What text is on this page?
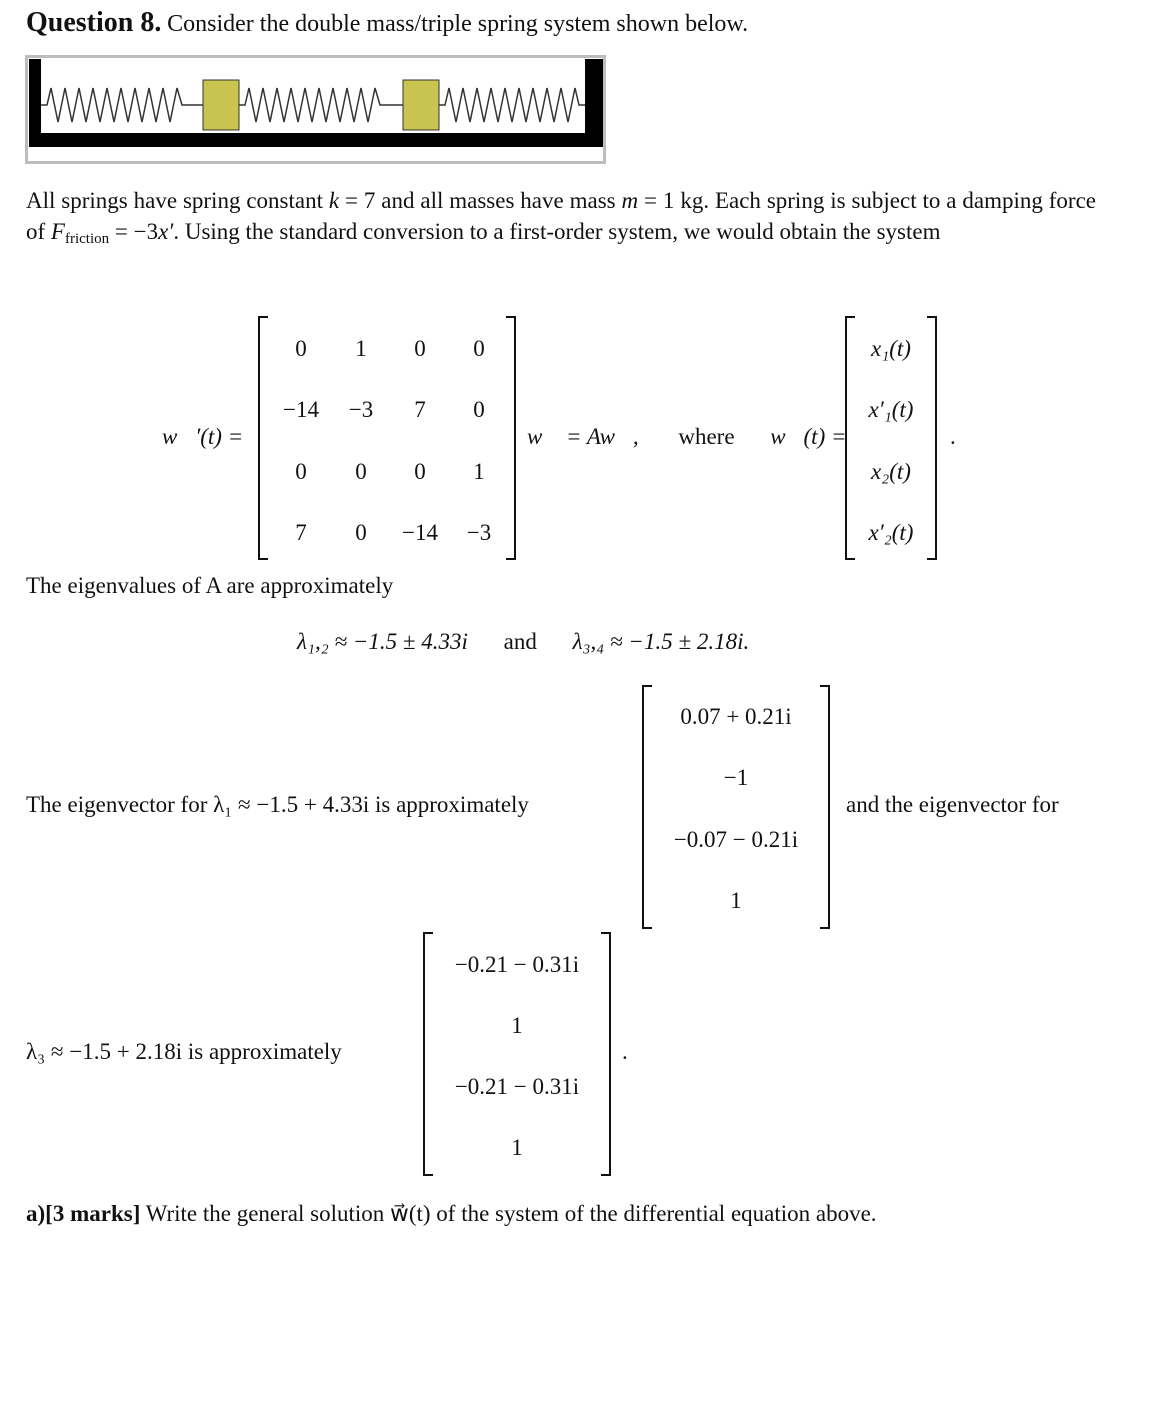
Question 8. Consider the double mass/triple spring system shown below.
All springs have spring constant k = 7 and all masses have mass m = 1 kg. Each spring is subject to a damping force of $F_{friction} = -3x'$. Using the standard conversion to a first-order system, we would obtain the system
w⃗′(t) =
0 1 0 0
−14 −3 7 0
0 0 0 1
7 0 −14 −3
w⃗ = Aw⃗, where w⃗(t) =
x₁(t)
x′₁(t)
x₂(t)
x′₂(t)
.
The eigenvalues of A are approximately
λ₁,₂ ≈ −1.5 ± 4.33i and λ₃,₄ ≈ −1.5 ± 2.18i.
The eigenvector for λ₁ ≈ −1.5 + 4.33i is approximately
0.07 + 0.21i
−1
−0.07 − 0.21i
1
and the eigenvector for
λ₃ ≈ −1.5 + 2.18i is approximately
−0.21 − 0.31i
1
−0.21 − 0.31i
1
.
a)[3 marks] Write the general solution w⃗(t) of the system of the differential equation above.
